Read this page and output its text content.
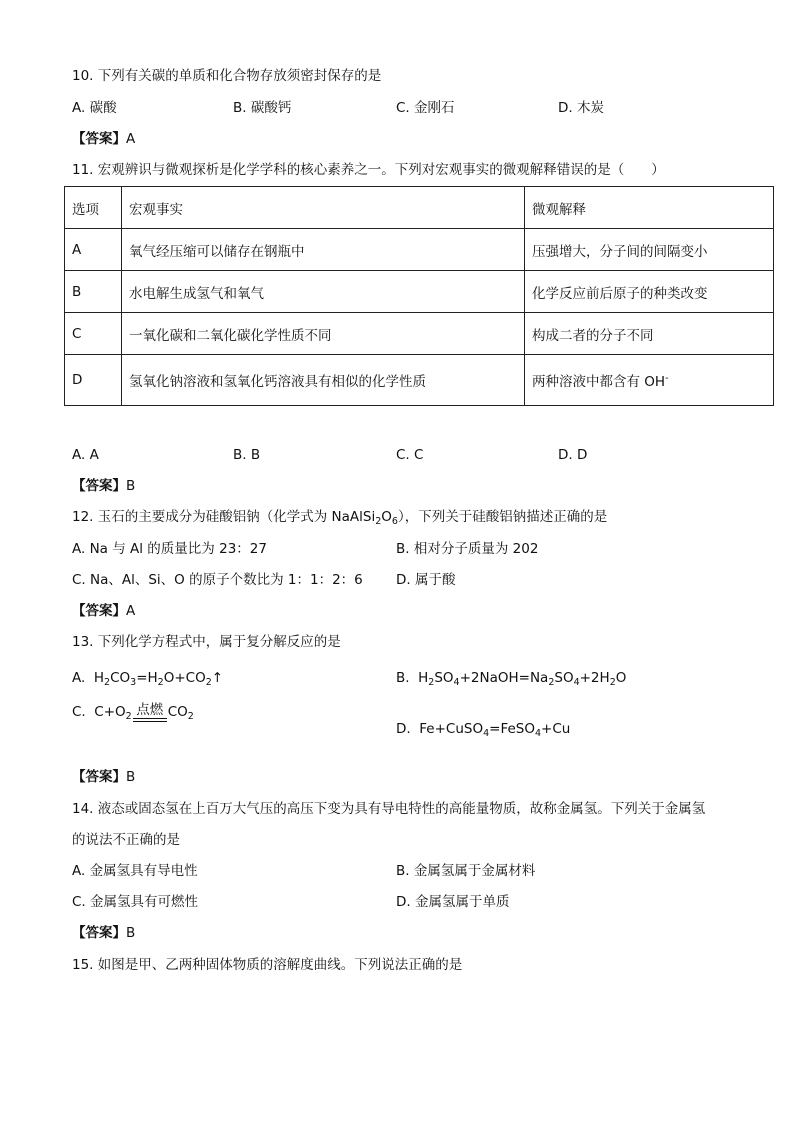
10. 下列有关碳的单质和化合物存放须密封保存的是
A. 碳酸	B. 碳酸钙	C. 金刚石	D. 木炭
【答案】A
11. 宏观辨识与微观探析是化学学科的核心素养之一。下列对宏观事实的微观解释错误的是（　　）
选项	宏观事实	微观解释
A	氧气经压缩可以储存在钢瓶中	压强增大，分子间的间隔变小
B	水电解生成氢气和氧气	化学反应前后原子的种类改变
C	一氧化碳和二氧化碳化学性质不同	构成二者的分子不同
D	氢氧化钠溶液和氢氧化钙溶液具有相似的化学性质	两种溶液中都含有 OH-
A. A	B. B	C. C	D. D
【答案】B
12. 玉石的主要成分为硅酸铝钠（化学式为 $NaAlSi_2O_6$），下列关于硅酸铝钠描述正确的是
A. Na 与 Al 的质量比为 23：27	B. 相对分子质量为 202
C. Na、Al、Si、O 的原子个数比为 1：1：2：6 D. 属于酸
【答案】A
13. 下列化学方程式中，属于复分解反应的是
A.  $H_2CO_3=H_2O+CO_2↑$	B.  $H_2SO_4+2NaOH=Na_2SO_4+2H_2O$
C.  $C+O_2$ 点燃 $CO_2$
D.  Fe+CuSO$_4$=FeSO$_4$+Cu
【答案】B
14. 液态或固态氢在上百万大气压的高压下变为具有导电特性的高能量物质，故称金属氢。下列关于金属氢
的说法不正确的是
A. 金属氢具有导电性	B. 金属氢属于金属材料
C. 金属氢具有可燃性	D. 金属氢属于单质
【答案】B
15. 如图是甲、乙两种固体物质的溶解度曲线。下列说法正确的是
